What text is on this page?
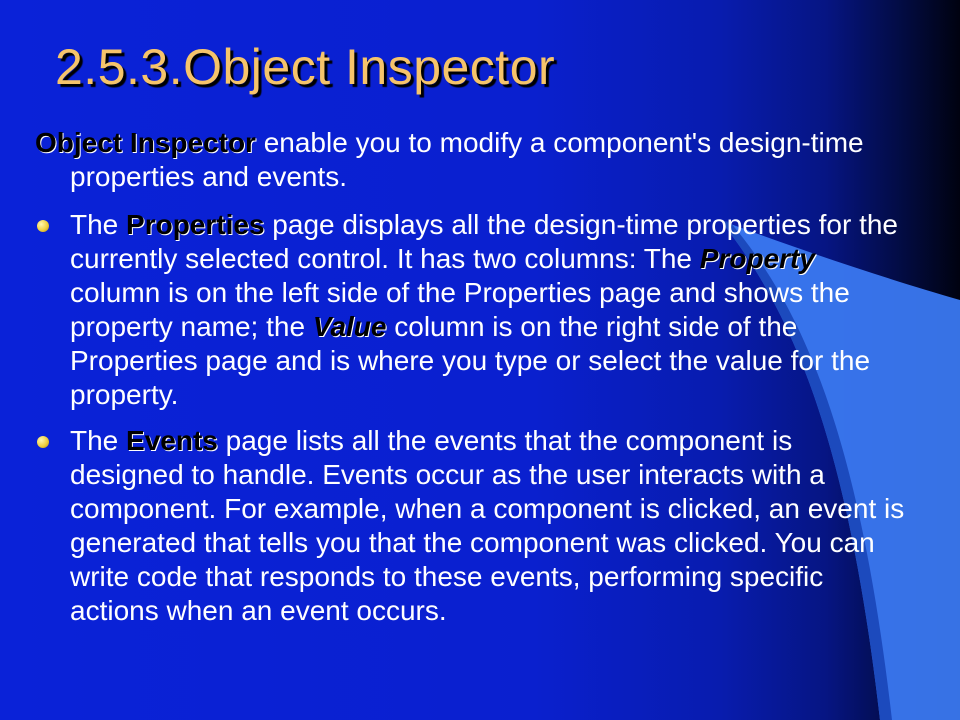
2.5.3.Object Inspector

Object Inspector enable you to modify a component's design-time properties and events.

The Properties page displays all the design-time properties for the currently selected control. It has two columns: The Property column is on the left side of the Properties page and shows the property name; the Value column is on the right side of the Properties page and is where you type or select the value for the property.
The Events page lists all the events that the component is designed to handle. Events occur as the user interacts with a component. For example, when a component is clicked, an event is generated that tells you that the component was clicked. You can write code that responds to these events, performing specific actions when an event occurs.
